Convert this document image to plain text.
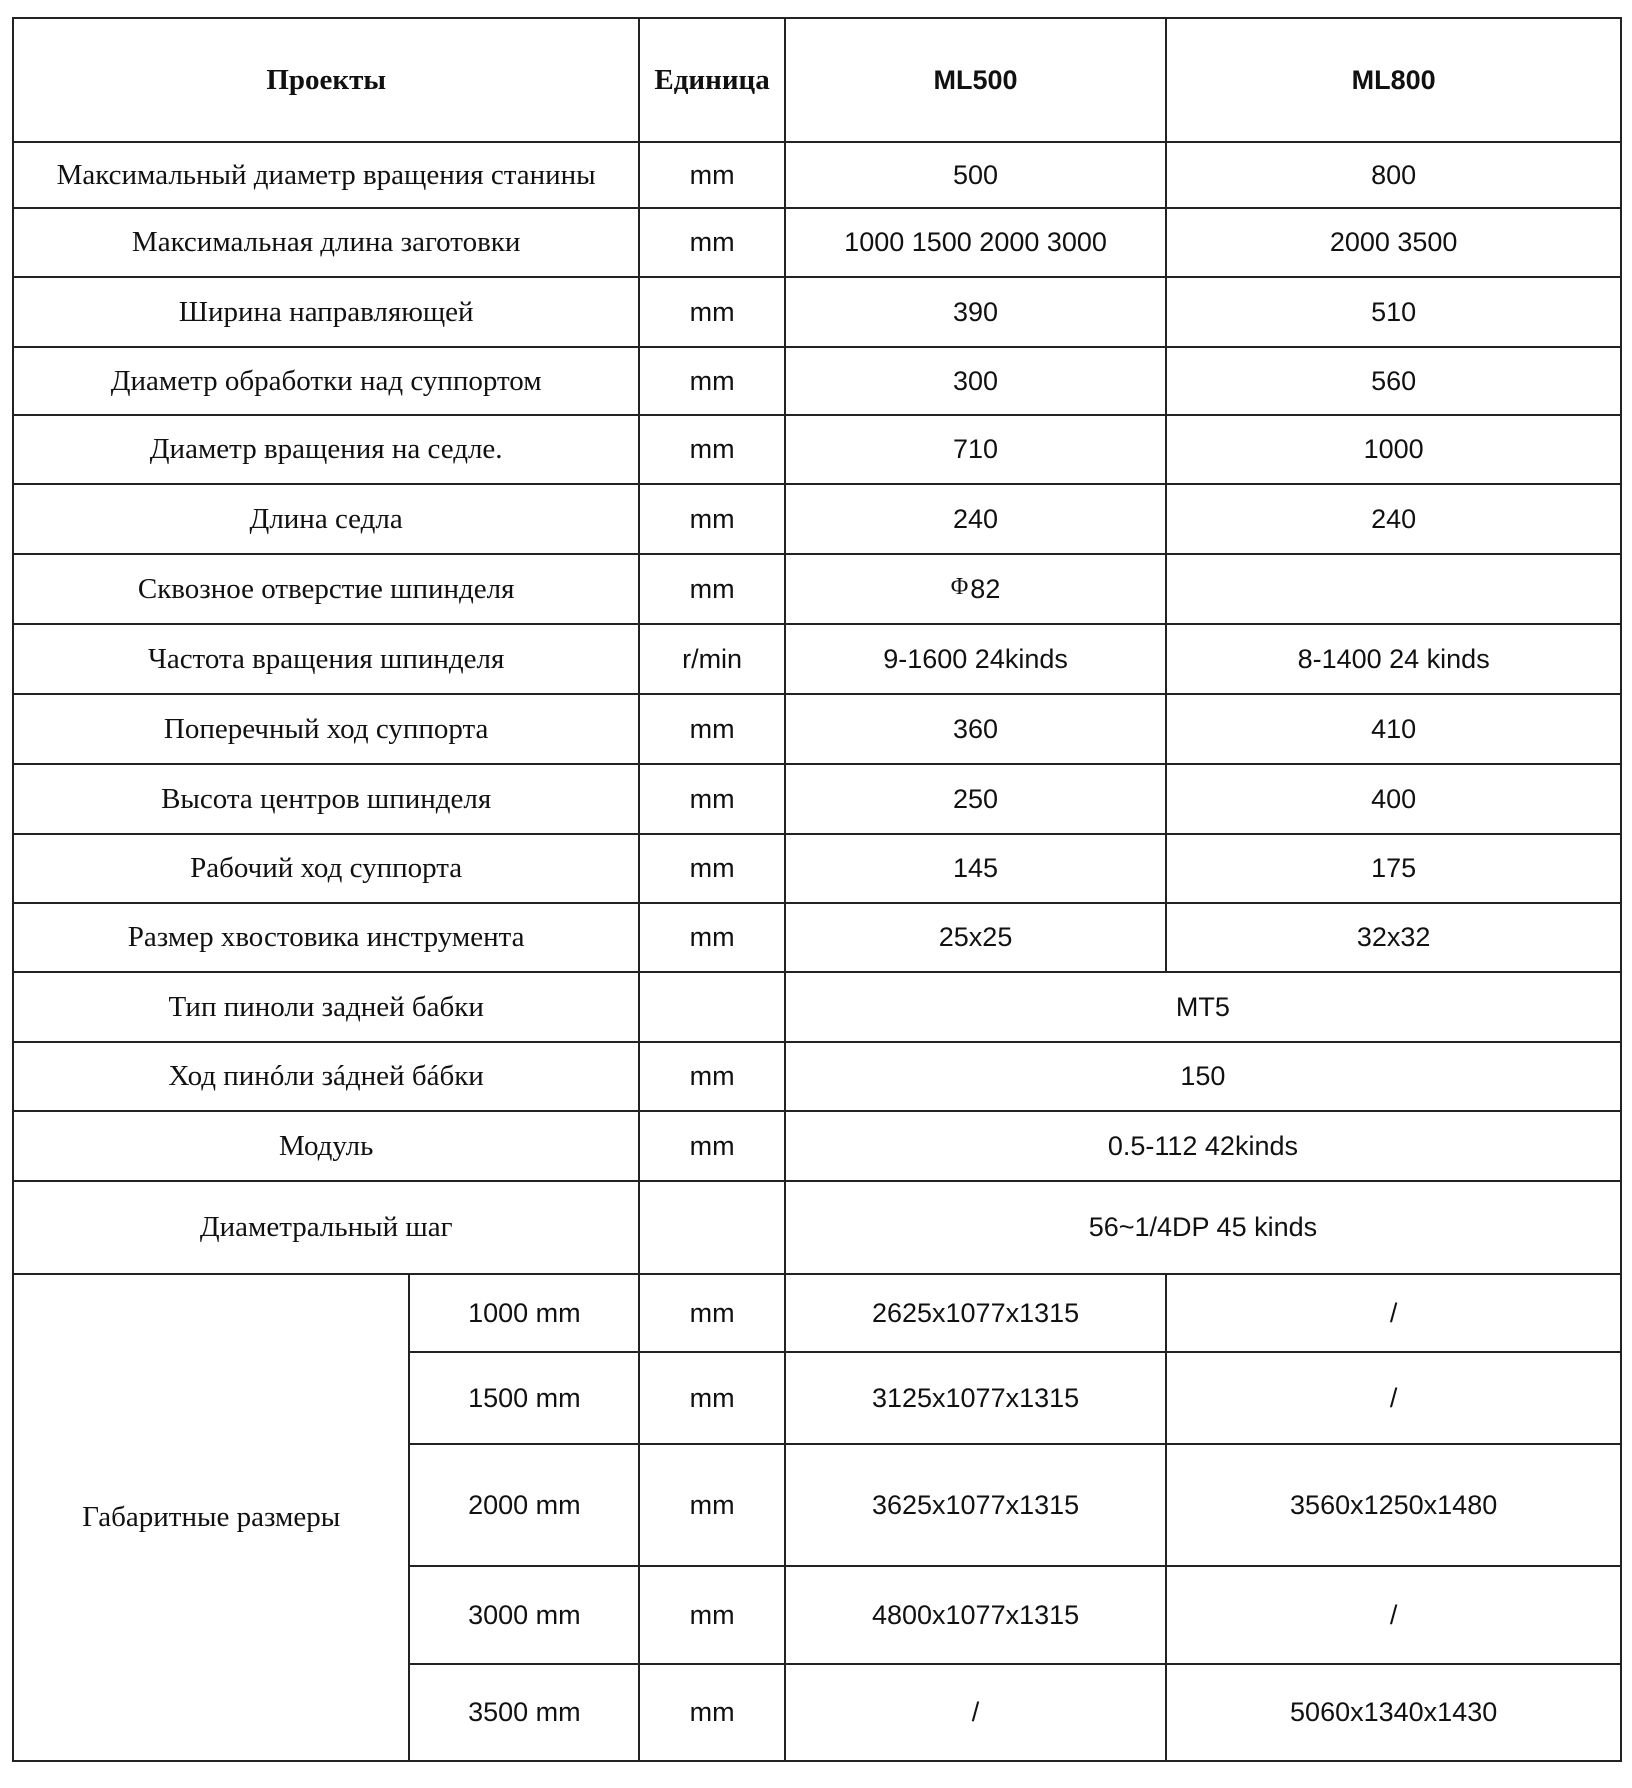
Проекты		Единица	ML500	ML800
Максимальный диаметр вращения станины		mm	500	800
Максимальная длина заготовки		mm	1000 1500 2000 3000	2000 3500
Ширина направляющей		mm	390	510
Диаметр обработки над суппортом		mm	300	560
Диаметр вращения на седле.		mm	710	1000
Длина седла		mm	240	240
Сквозное отверстие шпинделя		mm	Φ82	
Частота вращения шпинделя		r/min	9-1600 24kinds	8-1400 24 kinds
Поперечный ход суппорта		mm	360	410
Высота центров шпинделя		mm	250	400
Рабочий ход суппорта		mm	145	175
Размер хвостовика инструмента		mm	25x25	32x32
Тип пиноли задней бабки			MT5	
Ход пинóли зáдней бáбки		mm	150	
Модуль		mm	0.5-112 42kinds	
Диаметральный шаг			56~1/4DP 45 kinds	
Габаритные размеры	1000 mm	mm	2625x1077x1315	/
	1500 mm	mm	3125x1077x1315	/
	2000 mm	mm	3625x1077x1315	3560x1250x1480
	3000 mm	mm	4800x1077x1315	/
	3500 mm	mm	/	5060x1340x1430
